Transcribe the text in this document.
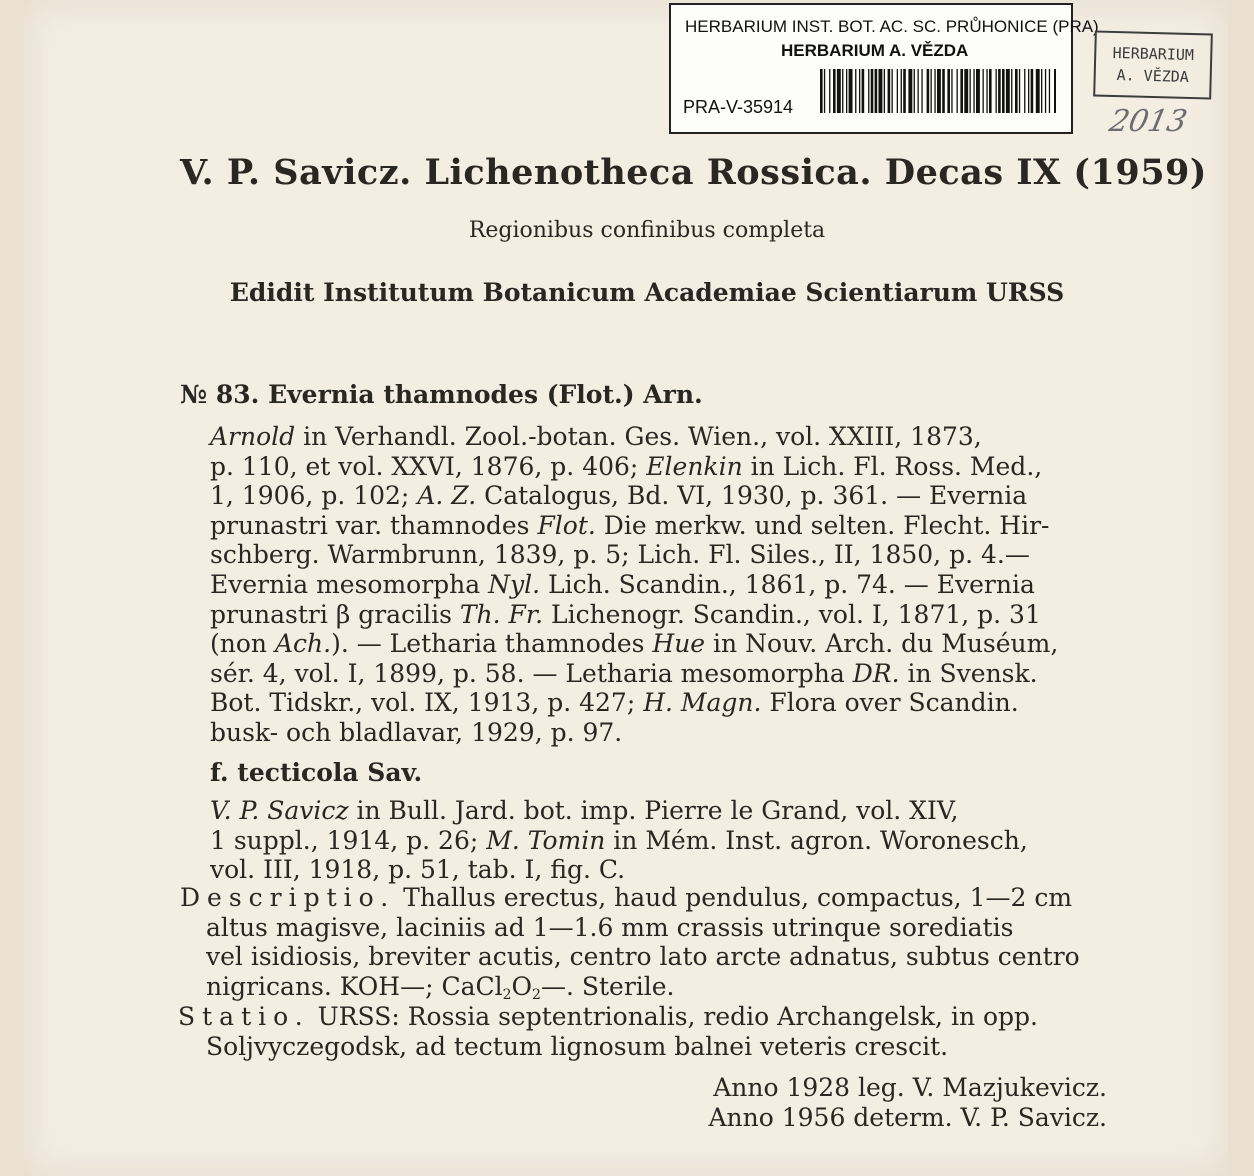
HERBARIUM INST. BOT. AC. SC. PRŮHONICE (PRA)
HERBARIUM A. VĚZDA
PRA-V-35914
HERBARIUM
A. VĚZDA
2013
V. P. Savicz. Lichenotheca Rossica. Decas IX (1959)
Regionibus confinibus completa
Edidit Institutum Botanicum Academiae Scientiarum URSS
№ 83. Evernia thamnodes (Flot.) Arn.
Arnold in Verhandl. Zool.-botan. Ges. Wien., vol. XXIII, 1873,
p. 110, et vol. XXVI, 1876, p. 406; Elenkin in Lich. Fl. Ross. Med.,
1, 1906, p. 102; A. Z. Catalogus, Bd. VI, 1930, p. 361. — Evernia
prunastri var. thamnodes Flot. Die merkw. und selten. Flecht. Hir-
schberg. Warmbrunn, 1839, p. 5; Lich. Fl. Siles., II, 1850, p. 4.—
Evernia mesomorpha Nyl. Lich. Scandin., 1861, p. 74. — Evernia
prunastri β gracilis Th. Fr. Lichenogr. Scandin., vol. I, 1871, p. 31
(non Ach.). — Letharia thamnodes Hue in Nouv. Arch. du Muséum,
sér. 4, vol. I, 1899, p. 58. — Letharia mesomorpha DR. in Svensk.
Bot. Tidskr., vol. IX, 1913, p. 427; H. Magn. Flora over Scandin.
busk- och bladlavar, 1929, p. 97.
f. tecticola Sav.
V. P. Savicz in Bull. Jard. bot. imp. Pierre le Grand, vol. XIV,
1 suppl., 1914, p. 26; M. Tomin in Mém. Inst. agron. Woronesch,
vol. III, 1918, p. 51, tab. I, fig. C.
Descriptio. Thallus erectus, haud pendulus, compactus, 1—2 cm
altus magisve, laciniis ad 1—1.6 mm crassis utrinque sorediatis
vel isidiosis, breviter acutis, centro lato arcte adnatus, subtus centro
nigricans. KOH—; $CaCl_2O_2—$. Sterile.
Statio. URSS: Rossia septentrionalis, redio Archangelsk, in opp.
Soljvyczegodsk, ad tectum lignosum balnei veteris crescit.
Anno 1928 leg. V. Mazjukevicz.
Anno 1956 determ. V. P. Savicz.
